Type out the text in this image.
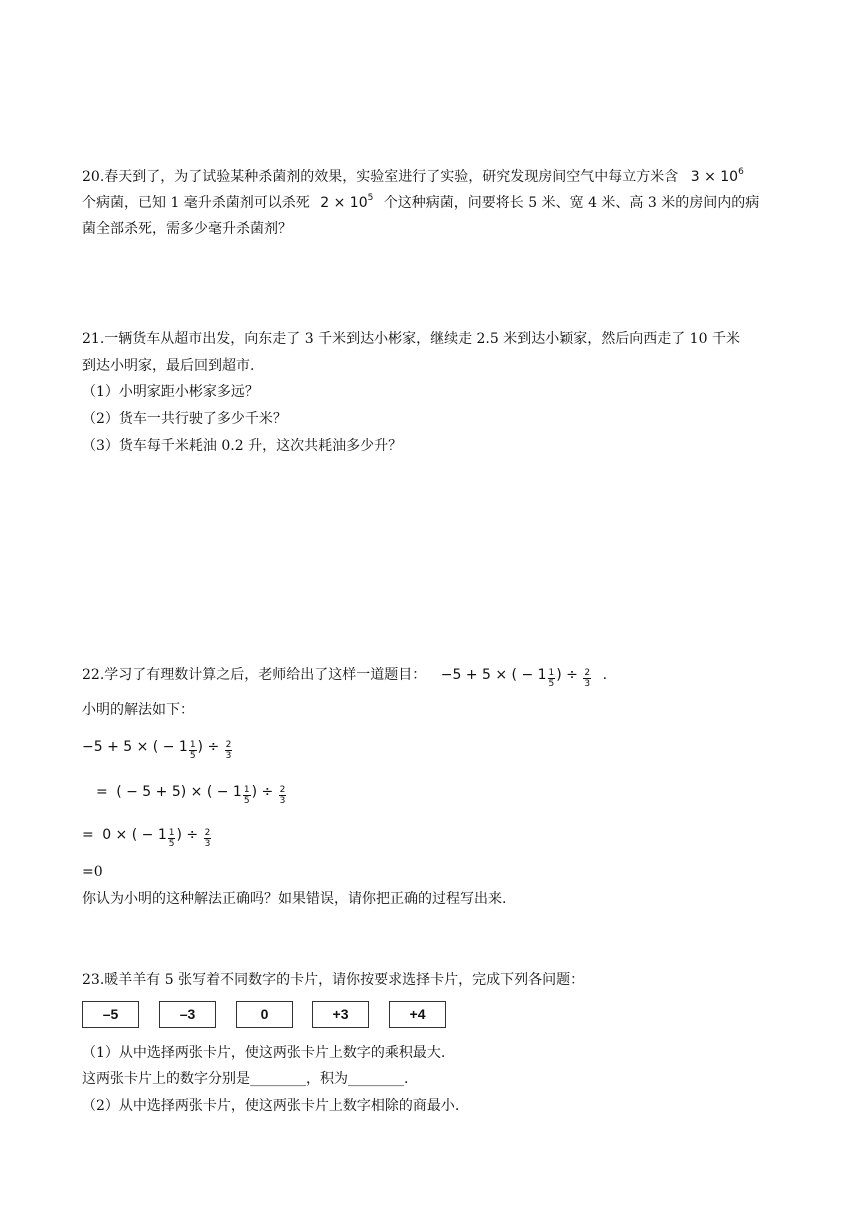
20.春天到了，为了试验某种杀菌剂的效果，实验室进行了实验，研究发现房间空气中每立方米含 $3 \times 10^6$
个病菌，已知 1 毫升杀菌剂可以杀死 $2 \times 10^5$ 个这种病菌，问要将长 5 米、宽 4 米、高 3 米的房间内的病
菌全部杀死，需多少毫升杀菌剂？
21.一辆货车从超市出发，向东走了 3 千米到达小彬家，继续走 2.5 米到达小颖家，然后向西走了 10 千米
到达小明家，最后回到超市.
（1）小明家距小彬家多远？
（2）货车一共行驶了多少千米？
（3）货车每千米耗油 0.2 升，这次共耗油多少升？
22.学习了有理数计算之后，老师给出了这样一道题目： −5 + 5 × ( − $1 \frac{1}{5}$ ) ÷ $\frac{2}{3}$ .
小明的解法如下：
−5 + 5 × ( − $1 \frac{1}{5}$ ) ÷ $\frac{2}{3}$
= ( − 5 + 5) × ( − $1 \frac{1}{5}$ ) ÷ $\frac{2}{3}$
= 0 × ( − $1 \frac{1}{5}$ ) ÷ $\frac{2}{3}$
=0
你认为小明的这种解法正确吗？如果错误，请你把正确的过程写出来.
23.暖羊羊有 5 张写着不同数字的卡片，请你按要求选择卡片，完成下列各问题：
–5	–3	0	+3	+4
（1）从中选择两张卡片，使这两张卡片上数字的乘积最大.
这两张卡片上的数字分别是________，积为________.
（2）从中选择两张卡片，使这两张卡片上数字相除的商最小.
